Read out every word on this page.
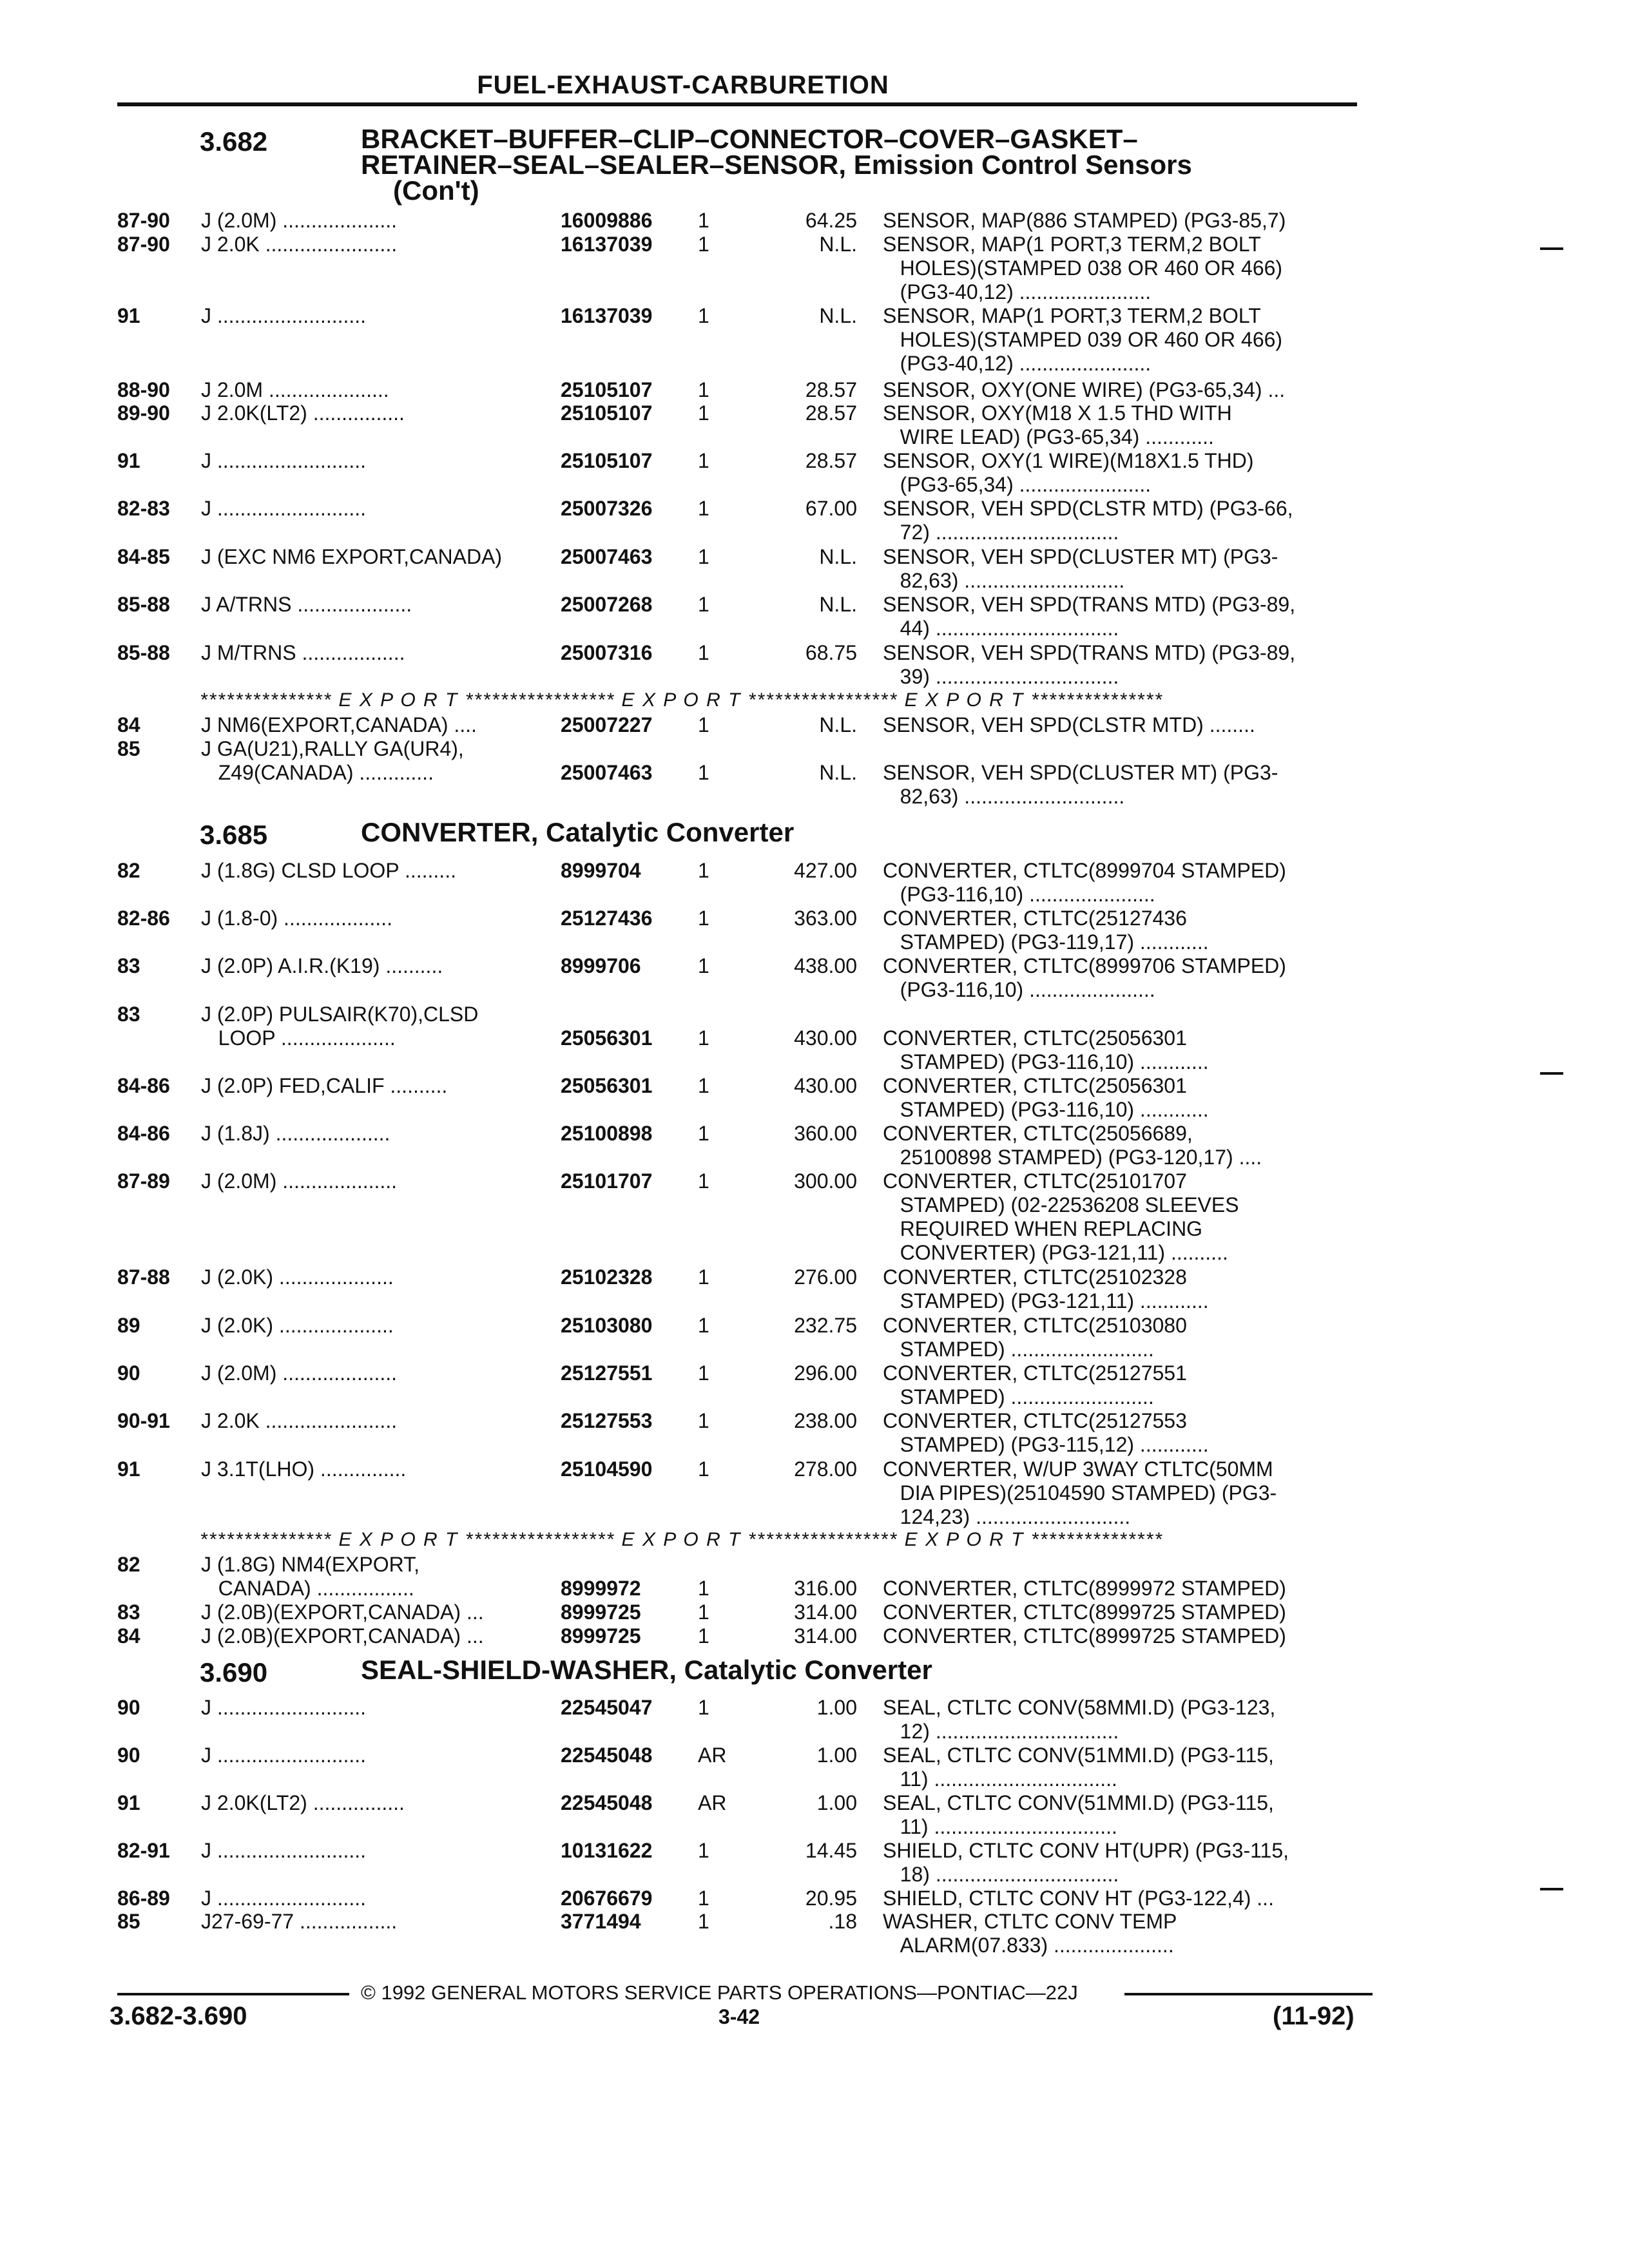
FUEL-EXHAUST-CARBURETION
3.682	BRACKET–BUFFER–CLIP–CONNECTOR–COVER–GASKET–
RETAINER–SEAL–SEALER–SENSOR, Emission Control Sensors
(Con't)
87-90 J (2.0M) ....................	16009886	1	64.25 SENSOR, MAP(886 STAMPED) (PG3-85,7)
87-90 J 2.0K .......................	16137039	1	N.L. SENSOR, MAP(1 PORT,3 TERM,2 BOLT
HOLES)(STAMPED 038 OR 460 OR 466)
(PG3-40,12) .......................
91	J ..........................	16137039	1	N.L. SENSOR, MAP(1 PORT,3 TERM,2 BOLT
HOLES)(STAMPED 039 OR 460 OR 466)
(PG3-40,12) .......................
88-90 J 2.0M .....................	25105107	1	28.57 SENSOR, OXY(ONE WIRE) (PG3-65,34) ...
89-90 J 2.0K(LT2) ................	25105107	1	28.57 SENSOR, OXY(M18 X 1.5 THD WITH
WIRE LEAD) (PG3-65,34) ............
91	J ..........................	25105107	1	28.57 SENSOR, OXY(1 WIRE)(M18X1.5 THD)
(PG3-65,34) .......................
82-83 J ..........................	25007326	1	67.00 SENSOR, VEH SPD(CLSTR MTD) (PG3-66,
72) ................................
84-85 J (EXC NM6 EXPORT,CANADA)	25007463	1	N.L. SENSOR, VEH SPD(CLUSTER MT) (PG3-
82,63) ............................
85-88 J A/TRNS ....................	25007268	1	N.L. SENSOR, VEH SPD(TRANS MTD) (PG3-89,
44) ................................
85-88 J M/TRNS ..................	25007316	1	68.75 SENSOR, VEH SPD(TRANS MTD) (PG3-89,
39) ................................
*************** E X P O R T ***************** E X P O R T ***************** E X P O R T ***************
84	J NM6(EXPORT,CANADA) ....	25007227	1	N.L. SENSOR, VEH SPD(CLSTR MTD) ........
85	J GA(U21),RALLY GA(UR4),
Z49(CANADA) .............	25007463	1	N.L. SENSOR, VEH SPD(CLUSTER MT) (PG3-
82,63) ............................
3.685	CONVERTER, Catalytic Converter
82	J (1.8G) CLSD LOOP .........	8999704	1	427.00 CONVERTER, CTLTC(8999704 STAMPED)
(PG3-116,10) ......................
82-86 J (1.8-0) ...................	25127436	1	363.00 CONVERTER, CTLTC(25127436
STAMPED) (PG3-119,17) ............
83	J (2.0P) A.I.R.(K19) ..........	8999706	1	438.00 CONVERTER, CTLTC(8999706 STAMPED)
(PG3-116,10) ......................
83	J (2.0P) PULSAIR(K70),CLSD
LOOP ....................	25056301	1	430.00 CONVERTER, CTLTC(25056301
STAMPED) (PG3-116,10) ............
84-86 J (2.0P) FED,CALIF ..........	25056301	1	430.00 CONVERTER, CTLTC(25056301
STAMPED) (PG3-116,10) ............
84-86 J (1.8J) ....................	25100898	1	360.00 CONVERTER, CTLTC(25056689,
25100898 STAMPED) (PG3-120,17) ....
87-89 J (2.0M) ....................	25101707	1	300.00 CONVERTER, CTLTC(25101707
STAMPED) (02-22536208 SLEEVES
REQUIRED WHEN REPLACING
CONVERTER) (PG3-121,11) ..........
87-88 J (2.0K) ....................	25102328	1	276.00 CONVERTER, CTLTC(25102328
STAMPED) (PG3-121,11) ............
89	J (2.0K) ....................	25103080	1	232.75 CONVERTER, CTLTC(25103080
STAMPED) .........................
90	J (2.0M) ....................	25127551	1	296.00 CONVERTER, CTLTC(25127551
STAMPED) .........................
90-91 J 2.0K .......................	25127553	1	238.00 CONVERTER, CTLTC(25127553
STAMPED) (PG3-115,12) ............
91	J 3.1T(LHO) ...............	25104590	1	278.00 CONVERTER, W/UP 3WAY CTLTC(50MM
DIA PIPES)(25104590 STAMPED) (PG3-
124,23) ...........................
*************** E X P O R T ***************** E X P O R T ***************** E X P O R T ***************
82	J (1.8G) NM4(EXPORT,
CANADA) .................	8999972	1	316.00 CONVERTER, CTLTC(8999972 STAMPED)
83	J (2.0B)(EXPORT,CANADA) ...	8999725	1	314.00 CONVERTER, CTLTC(8999725 STAMPED)
84	J (2.0B)(EXPORT,CANADA) ...	8999725	1	314.00 CONVERTER, CTLTC(8999725 STAMPED)
3.690	SEAL-SHIELD-WASHER, Catalytic Converter
90	J ..........................	22545047	1	1.00 SEAL, CTLTC CONV(58MMI.D) (PG3-123,
12) ................................
90	J ..........................	22545048	AR	1.00 SEAL, CTLTC CONV(51MMI.D) (PG3-115,
11) ................................
91	J 2.0K(LT2) ................	22545048	AR	1.00 SEAL, CTLTC CONV(51MMI.D) (PG3-115,
11) ................................
82-91 J ..........................	10131622	1	14.45 SHIELD, CTLTC CONV HT(UPR) (PG3-115,
18) ................................
86-89 J ..........................	20676679	1	20.95 SHIELD, CTLTC CONV HT (PG3-122,4) ...
85	J27-69-77 .................	3771494	1	.18 WASHER, CTLTC CONV TEMP
ALARM(07.833) .....................
© 1992 GENERAL MOTORS SERVICE PARTS OPERATIONS—PONTIAC—22J
3.682-3.690	3-42	(11-92)
